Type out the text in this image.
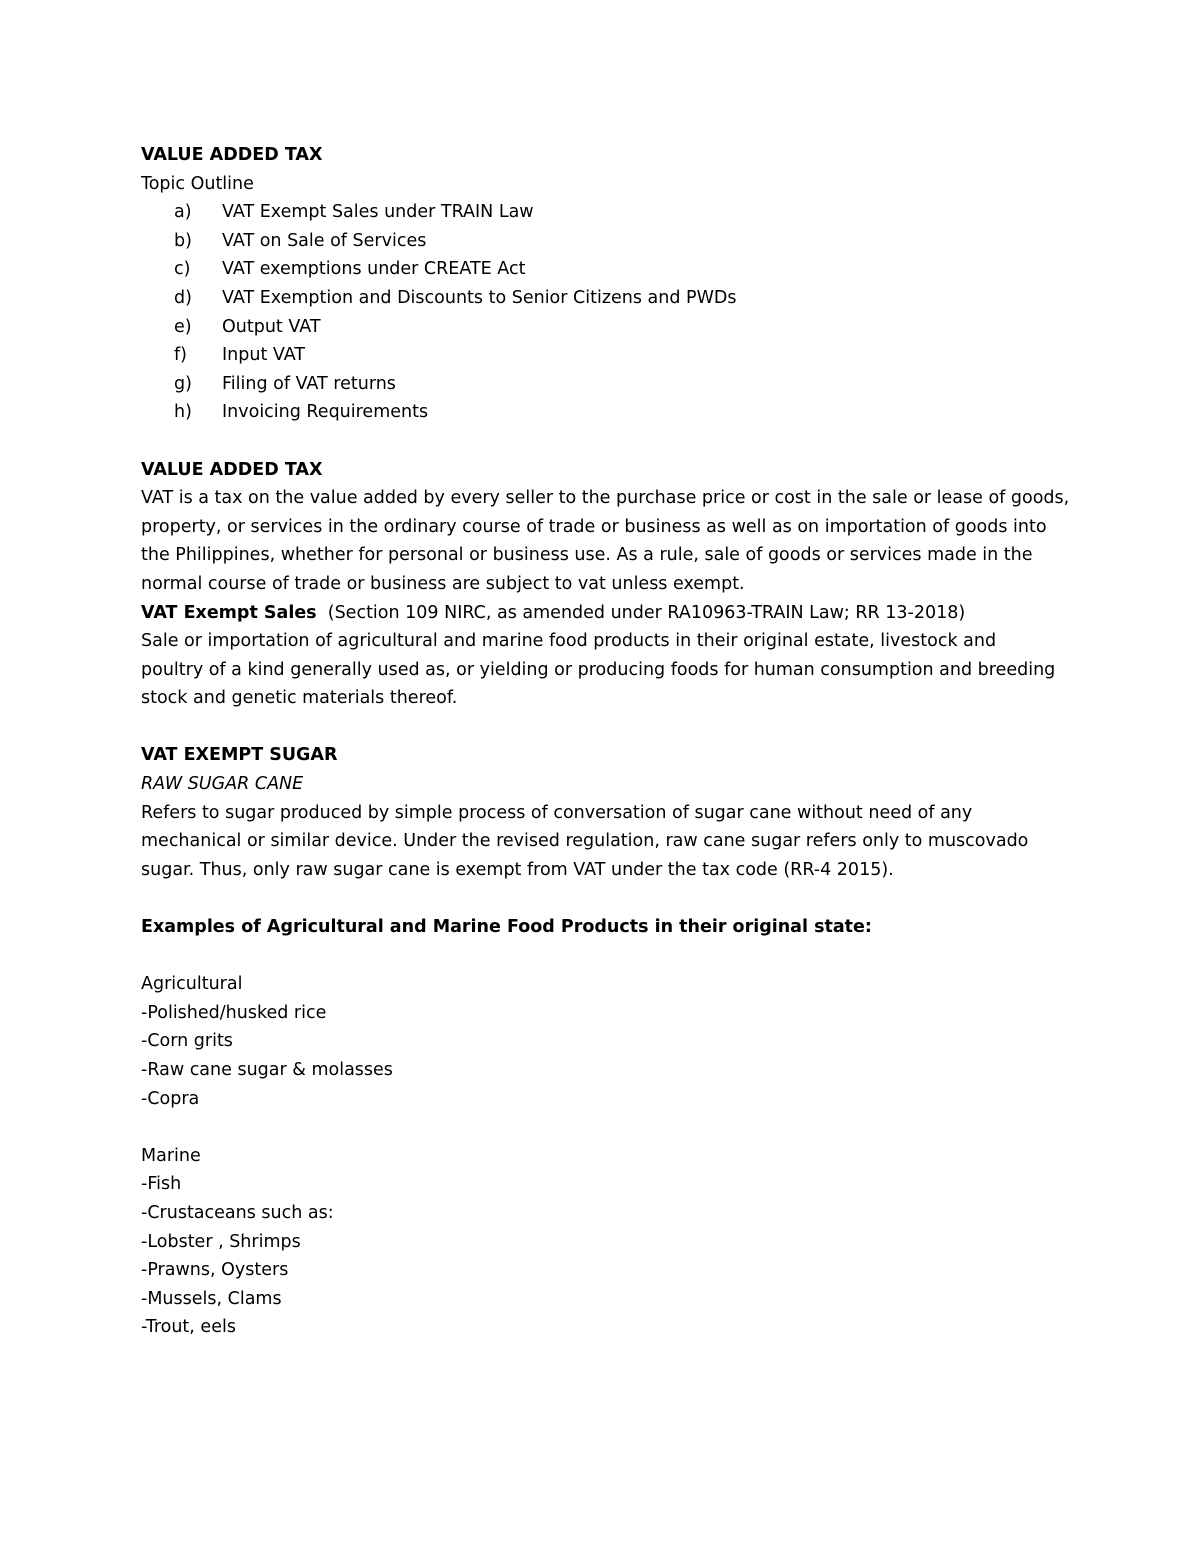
VALUE ADDED TAX

Topic Outline

a)	VAT Exempt Sales under TRAIN Law
b)	VAT on Sale of Services
c)	VAT exemptions under CREATE Act
d)	VAT Exemption and Discounts to Senior Citizens and PWDs
e)	Output VAT
f)	Input VAT
g)	Filing of VAT returns
h)	Invoicing Requirements

VALUE ADDED TAX

VAT is a tax on the value added by every seller to the purchase price or cost in the sale or lease of goods,

property, or services in the ordinary course of trade or business as well as on importation of goods into

the Philippines, whether for personal or business use. As a rule, sale of goods or services made in the

normal course of trade or business are subject to vat unless exempt.

VAT Exempt Sales (Section 109 NIRC, as amended under RA10963-TRAIN Law; RR 13-2018)

Sale or importation of agricultural and marine food products in their original estate, livestock and

poultry of a kind generally used as, or yielding or producing foods for human consumption and breeding

stock and genetic materials thereof.

VAT EXEMPT SUGAR

RAW SUGAR CANE

Refers to sugar produced by simple process of conversation of sugar cane without need of any

mechanical or similar device. Under the revised regulation, raw cane sugar refers only to muscovado

sugar. Thus, only raw sugar cane is exempt from VAT under the tax code (RR-4 2015).

Examples of Agricultural and Marine Food Products in their original state:

Agricultural

-Polished/husked rice
-Corn grits
-Raw cane sugar & molasses
-Copra

Marine

-Fish
-Crustaceans such as:
-Lobster , Shrimps
-Prawns, Oysters
-Mussels, Clams
-Trout, eels
